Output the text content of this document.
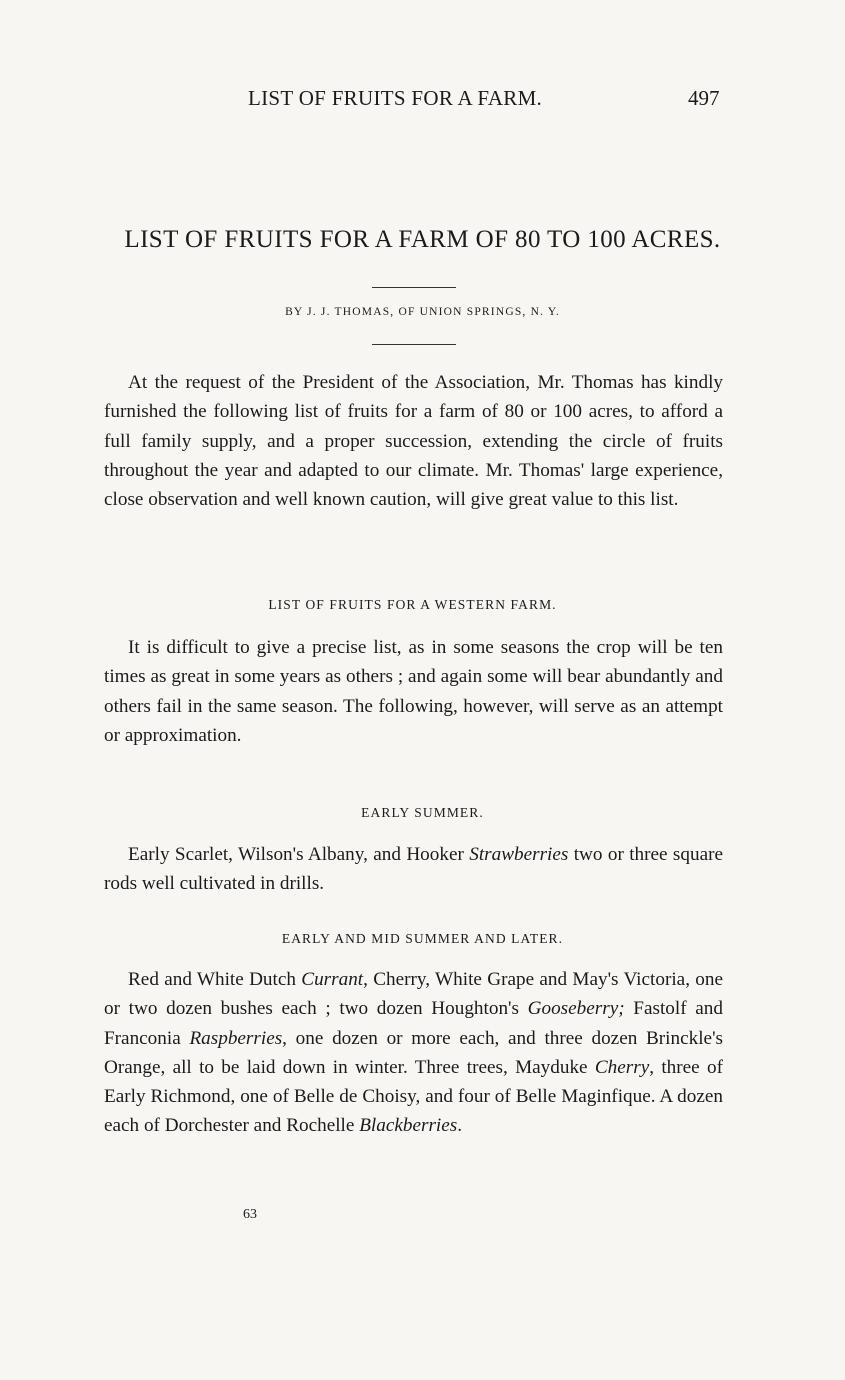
LIST OF FRUITS FOR A FARM.	497
LIST OF FRUITS FOR A FARM OF 80 TO 100 ACRES.
BY J. J. THOMAS, OF UNION SPRINGS, N. Y.

At the request of the President of the Association, Mr. Thomas has kindly furnished the following list of fruits for a farm of 80 or 100 acres, to afford a full family supply, and a proper succession, extending the circle of fruits throughout the year and adapted to our climate. Mr. Thomas' large experience, close observation and well known caution, will give great value to this list.

LIST OF FRUITS FOR A WESTERN FARM.

It is difficult to give a precise list, as in some seasons the crop will be ten times as great in some years as others ; and again some will bear abundantly and others fail in the same season. The following, however, will serve as an attempt or approximation.

EARLY SUMMER.

Early Scarlet, Wilson's Albany, and Hooker Strawberries two or three square rods well cultivated in drills.

EARLY AND MID SUMMER AND LATER.

Red and White Dutch Currant, Cherry, White Grape and May's Victoria, one or two dozen bushes each ; two dozen Houghton's Gooseberry; Fastolf and Franconia Raspberries, one dozen or more each, and three dozen Brinckle's Orange, all to be laid down in winter. Three trees, Mayduke Cherry, three of Early Richmond, one of Belle de Choisy, and four of Belle Maginfique. A dozen each of Dorchester and Rochelle Blackberries.

63
